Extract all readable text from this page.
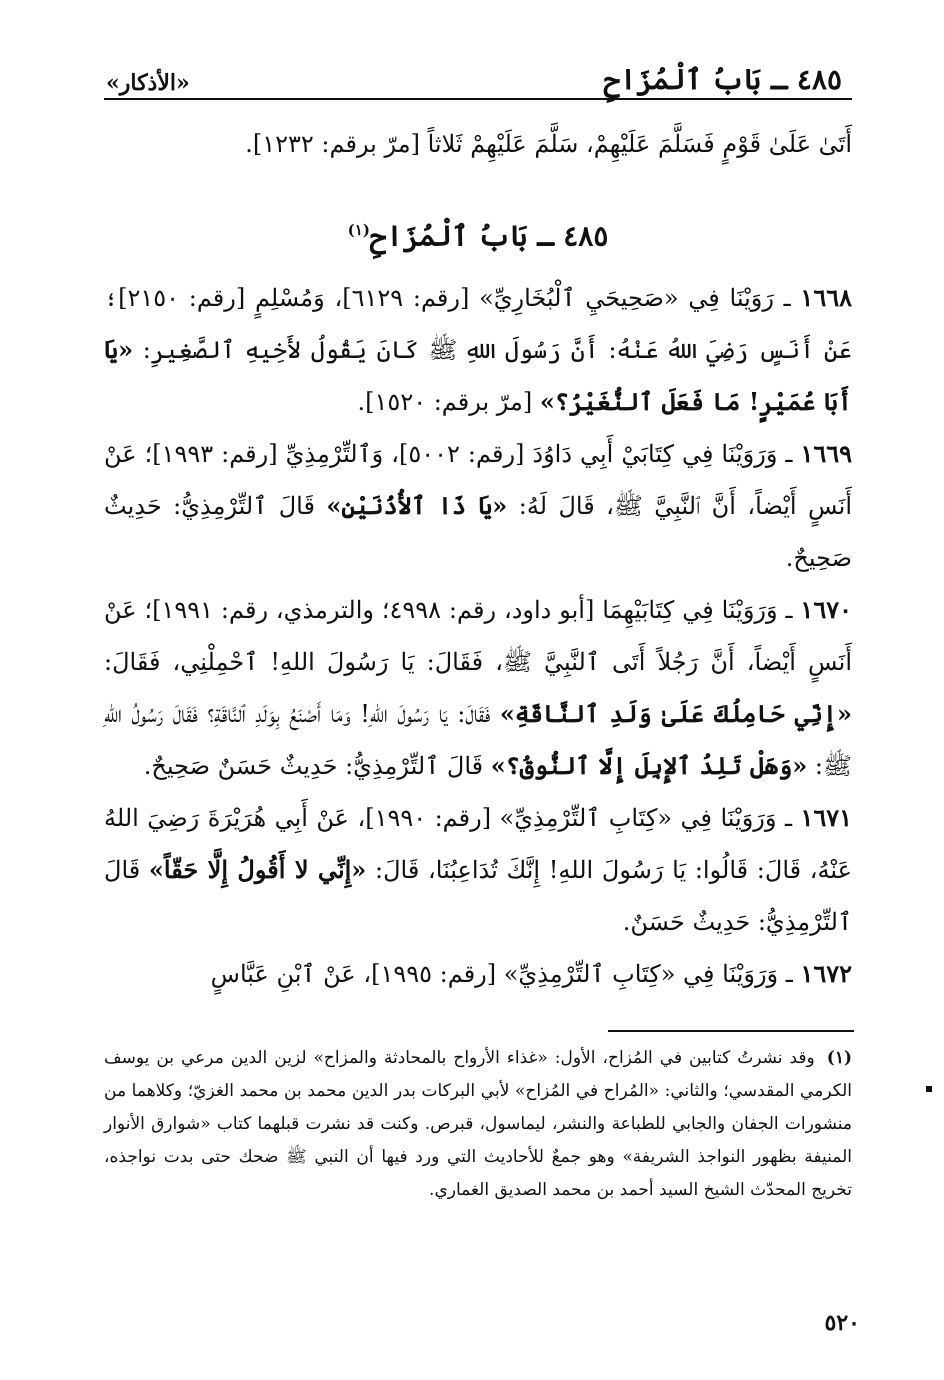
٤٨٥ ـ بَابُ ٱلْمُزَاحِ
«الأذكار»

أَتَىٰ عَلَىٰ قَوْمٍ فَسَلَّمَ عَلَيْهِمْ، سَلَّمَ عَلَيْهِمْ ثَلاثاً [مرّ برقم: ١٢٣٢].

٤٨٥ ـ بَابُ ٱلْمُزَاحِ$^{(١)}$

١٦٦٨ ـ رَوَيْنَا فِي «صَحِيحَيِ ٱلْبُخَارِيِّ» [رقم: ٦١٢٩]، وَمُسْلِمٍ [رقم: ٢١٥٠]؛ عَنْ أَنَسٍ رَضِيَ اللهُ عَنْهُ: أَنَّ رَسُولَ اللهِ ﷺ كَانَ يَقُولُ لأَخِيهِ ٱلصَّغِيرِ: «يَا أَبَا عُمَيْرٍ! مَا فَعَلَ ٱلنُّغَيْرُ؟» [مرّ برقم: ١٥٢٠].

١٦٦٩ ـ وَرَوَيْنَا فِي كِتَابَيْ أَبِي دَاوُدَ [رقم: ٥٠٠٢]، وَٱلتِّرْمِذِيِّ [رقم: ١٩٩٣]؛ عَنْ أَنَسٍ أَيْضاً، أَنَّ ٱلنَّبِيَّ ﷺ، قَالَ لَهُ: «يَا ذَا ٱلأُذُنَيْنِ» قَالَ ٱلتِّرْمِذِيُّ: حَدِيثٌ صَحِيحٌ.

١٦٧٠ ـ وَرَوَيْنَا فِي كِتَابَيْهِمَا [أبو داود، رقم: ٤٩٩٨؛ والترمذي، رقم: ١٩٩١]؛ عَنْ أَنَسٍ أَيْضاً، أَنَّ رَجُلاً أَتَى ٱلنَّبِيَّ ﷺ، فَقَالَ: يَا رَسُولَ اللهِ! ٱحْمِلْنِي، فَقَالَ: «إِنِّي حَامِلُكَ عَلَىٰ وَلَدِ ٱلنَّاقَةِ» فَقَالَ: يَا رَسُولَ اللهِ! وَمَا أَصْنَعُ بِوَلَدِ ٱلنَّاقَةِ؟ فَقَالَ رَسُولُ اللهِ ﷺ: «وَهَلْ تَلِدُ ٱلإِبِلَ إِلَّا ٱلنُّوقُ؟» قَالَ ٱلتِّرْمِذِيُّ: حَدِيثٌ حَسَنٌ صَحِيحٌ.

١٦٧١ ـ وَرَوَيْنَا فِي «كِتَابِ ٱلتِّرْمِذِيِّ» [رقم: ١٩٩٠]، عَنْ أَبِي هُرَيْرَةَ رَضِيَ اللهُ عَنْهُ، قَالَ: قَالُوا: يَا رَسُولَ اللهِ! إِنَّكَ تُدَاعِبُنَا، قَالَ: «إِنِّي لا أَقُولُ إِلَّا حَقّاً» قَالَ ٱلتِّرْمِذِيُّ: حَدِيثٌ حَسَنٌ.

١٦٧٢ ـ وَرَوَيْنَا فِي «كِتَابِ ٱلتِّرْمِذِيِّ» [رقم: ١٩٩٥]، عَنْ ٱبْنِ عَبَّاسٍ

(١)وقد نشرتُ كتابين في المُزاح، الأول: «غذاء الأرواح بالمحادثة والمزاح» لزين الدين مرعي بن يوسف الكرمي المقدسي؛ والثاني: «المُراح في المُزاح» لأبي البركات بدر الدين محمد بن محمد الغزيّ؛ وكلاهما من منشورات الجفان والجابي للطباعة والنشر، ليماسول، قبرص. وكنت قد نشرت قبلهما كتاب «شوارق الأنوار المنيفة بظهور النواجذ الشريفة» وهو جمعٌ للأحاديث التي ورد فيها أن النبي ﷺ ضحك حتى بدت نواجذه، تخريج المحدّث الشيخ السيد أحمد بن محمد الصديق الغماري.
٥٢٠
